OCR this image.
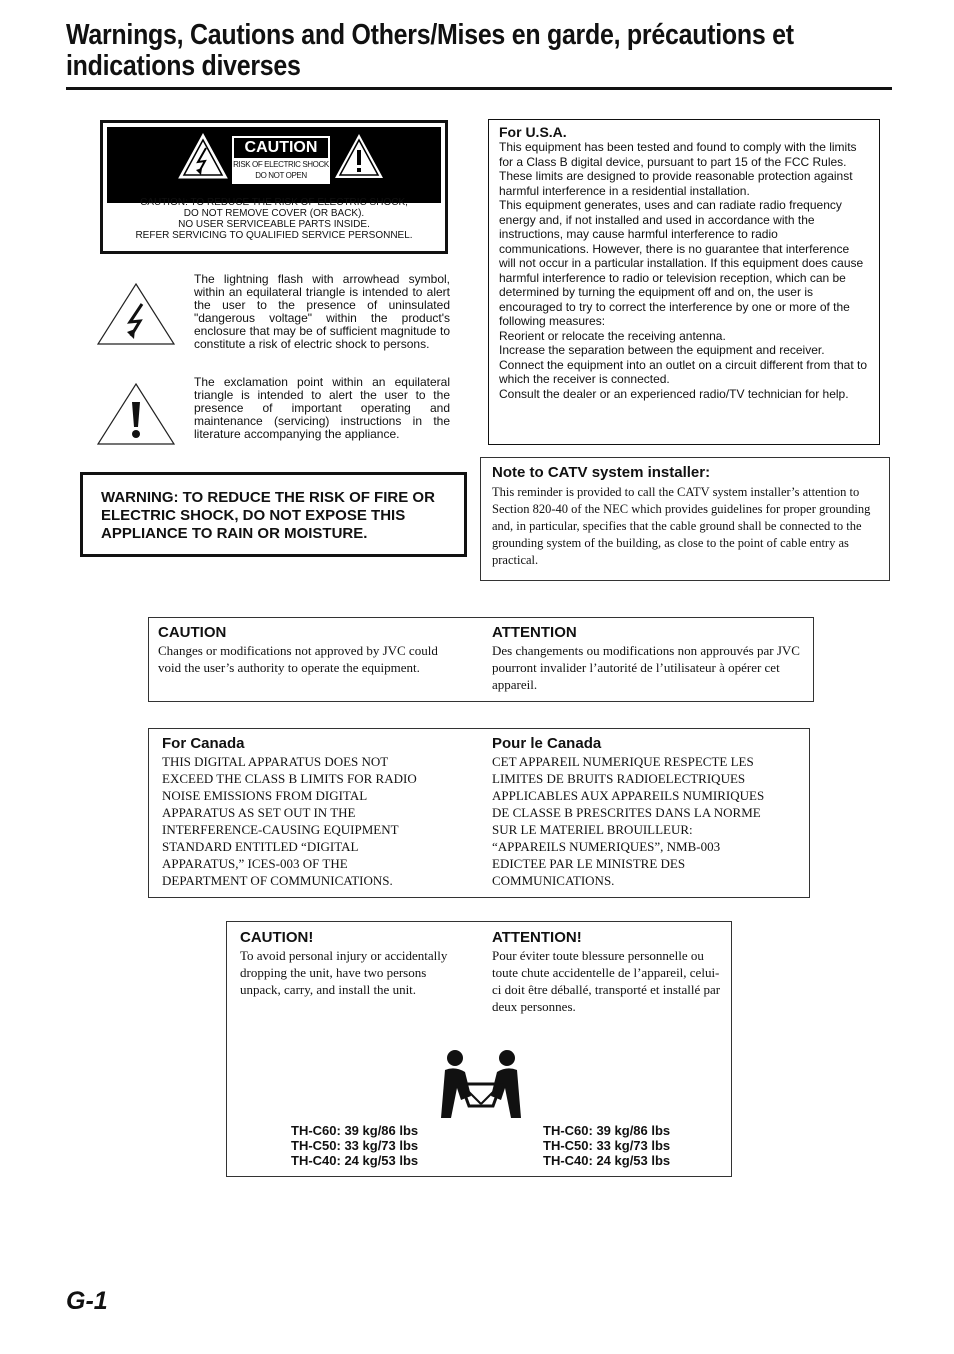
Warnings, Cautions and Others/Mises en garde, précautions et
indications diverses
CAUTION
RISK OF ELECTRIC SHOCK
DO NOT OPEN
CAUTION: TO REDUCE THE RISK OF ELECTRIC SHOCK,
DO NOT REMOVE COVER (OR BACK).
NO USER SERVICEABLE PARTS INSIDE.
REFER SERVICING TO QUALIFIED SERVICE PERSONNEL.
The lightning flash with arrowhead symbol, within an equilateral triangle is intended to alert the user to the presence of uninsulated "dangerous voltage" within the product's enclosure that may be of sufficient magnitude to constitute a risk of electric shock to persons.
The exclamation point within an equilateral triangle is intended to alert the user to the presence of important operating and maintenance (servicing) instructions in the literature accompanying the appliance.
For U.S.A.
This equipment has been tested and found to comply with the limits for a Class B digital device, pursuant to part 15 of the FCC Rules. These limits are designed to provide reasonable protection against harmful interference in a residential installation.
This equipment generates, uses and can radiate radio frequency energy and, if not installed and used in accordance with the instructions, may cause harmful interference to radio communications. However, there is no guarantee that interference will not occur in a particular installation. If this equipment does cause harmful interference to radio or television reception, which can be determined by turning the equipment off and on, the user is encouraged to try to correct the interference by one or more of the following measures:
Reorient or relocate the receiving antenna.
Increase the separation between the equipment and receiver.
Connect the equipment into an outlet on a circuit different from that to which the receiver is connected.
Consult the dealer or an experienced radio/TV technician for help.
WARNING: TO REDUCE THE RISK OF FIRE OR ELECTRIC SHOCK, DO NOT EXPOSE THIS APPLIANCE TO RAIN OR MOISTURE.
Note to CATV system installer:
This reminder is provided to call the CATV system installer’s attention to Section 820-40 of the NEC which provides guidelines for proper grounding and, in particular, specifies that the cable ground shall be connected to the grounding system of the building, as close to the point of cable entry as practical.
CAUTION
Changes or modifications not approved by JVC could void the user’s authority to operate the equipment.
ATTENTION
Des changements ou modifications non approuvés par JVC pourront invalider l’autorité de l’utilisateur à opérer cet appareil.
For Canada
THIS DIGITAL APPARATUS DOES NOT
EXCEED THE CLASS B LIMITS FOR RADIO
NOISE EMISSIONS FROM DIGITAL
APPARATUS AS SET OUT IN THE
INTERFERENCE-CAUSING EQUIPMENT
STANDARD ENTITLED “DIGITAL
APPARATUS,” ICES-003 OF THE
DEPARTMENT OF COMMUNICATIONS.
Pour le Canada
CET APPAREIL NUMERIQUE RESPECTE LES
LIMITES DE BRUITS RADIOELECTRIQUES
APPLICABLES AUX APPAREILS NUMIRIQUES
DE CLASSE B PRESCRITES DANS LA NORME
SUR LE MATERIEL BROUILLEUR:
“APPAREILS NUMERIQUES”, NMB-003
EDICTEE PAR LE MINISTRE DES
COMMUNICATIONS.
CAUTION!
To avoid personal injury or accidentally dropping the unit, have two persons unpack, carry, and install the unit.
ATTENTION!
Pour éviter toute blessure personnelle ou toute chute accidentelle de l’appareil, celui-ci doit être déballé, transporté et installé par deux personnes.
TH-C60: 39 kg/86 lbs
TH-C50: 33 kg/73 lbs
TH-C40: 24 kg/53 lbs
TH-C60: 39 kg/86 lbs
TH-C50: 33 kg/73 lbs
TH-C40: 24 kg/53 lbs
G-1
